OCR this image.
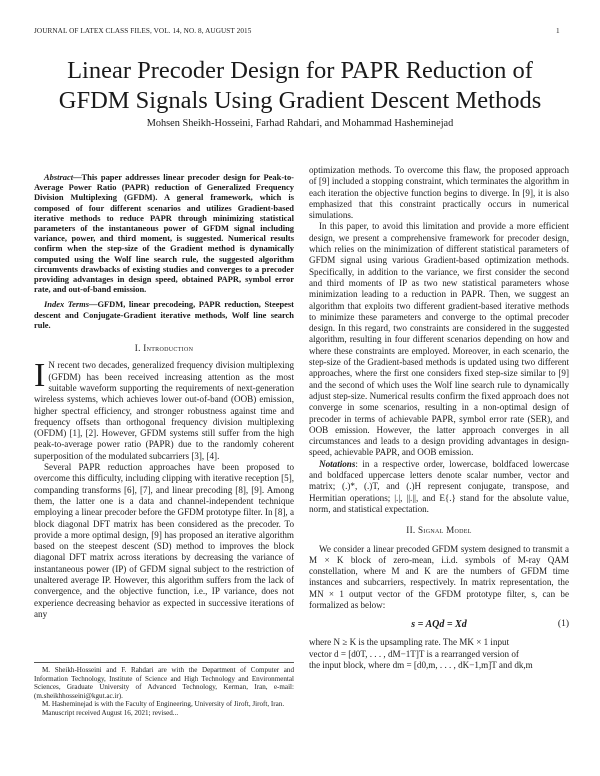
JOURNAL OF LATEX CLASS FILES, VOL. 14, NO. 8, AUGUST 2015	1
Linear Precoder Design for PAPR Reduction of GFDM Signals Using Gradient Descent Methods
Mohsen Sheikh-Hosseini, Farhad Rahdari, and Mohammad Hasheminejad
Abstract—This paper addresses linear precoder design for Peak-to-Average Power Ratio (PAPR) reduction of Generalized Frequency Division Multiplexing (GFDM). A general framework, which is composed of four different scenarios and utilizes Gradient-based iterative methods to reduce PAPR through minimizing statistical parameters of the instantaneous power of GFDM signal including variance, power, and third moment, is suggested. Numerical results confirm when the step-size of the Gradient method is dynamically computed using the Wolf line search rule, the suggested algorithm circumvents drawbacks of existing studies and converges to a precoder providing advantages in design speed, obtained PAPR, symbol error rate, and out-of-band emission.
Index Terms—GFDM, linear precodeing, PAPR reduction, Steepest descent and Conjugate-Gradient iterative methods, Wolf line search rule.
I. Introduction

I N recent two decades, generalized frequency division multiplexing (GFDM) has been received increasing attention as the most suitable waveform supporting the requirements of next-generation wireless systems, which achieves lower out-of-band (OOB) emission, higher spectral efficiency, and stronger robustness against time and frequency offsets than orthogonal frequency division multiplexing (OFDM) [1], [2]. However, GFDM systems still suffer from the high peak-to-average power ratio (PAPR) due to the randomly coherent superposition of the modulated subcarriers [3], [4].

Several PAPR reduction approaches have been proposed to overcome this difficulty, including clipping with iterative reception [5], companding transforms [6], [7], and linear precoding [8], [9]. Among them, the latter one is a data and channel-independent technique employing a linear precoder before the GFDM prototype filter. In [8], a block diagonal DFT matrix has been considered as the precoder. To provide a more optimal design, [9] has proposed an iterative algorithm based on the steepest descent (SD) method to improves the block diagonal DFT matrix across iterations by decreasing the variance of instantaneous power (IP) of GFDM signal subject to the restriction of unaltered average IP. However, this algorithm suffers from the lack of convergence, and the objective function, i.e., IP variance, does not experience decreasing behavior as expected in successive iterations of any

M. Sheikh-Hosseini and F. Rahdari are with the Department of Computer and Information Technology, Institute of Science and High Technology and Environmental Sciences, Graduate University of Advanced Technology, Kerman, Iran, e-mail: (m.sheikhhosseini@kgut.ac.ir).

M. Hasheminejad is with the Faculty of Engineering, University of Jiroft, Jiroft, Iran.

Manuscript received August 16, 2021; revised...

optimization methods. To overcome this flaw, the proposed approach of [9] included a stopping constraint, which terminates the algorithm in each iteration the objective function begins to diverge. In [9], it is also emphasized that this constraint practically occurs in numerical simulations.

In this paper, to avoid this limitation and provide a more efficient design, we present a comprehensive framework for precoder design, which relies on the minimization of different statistical parameters of GFDM signal using various Gradient-based optimization methods. Specifically, in addition to the variance, we first consider the second and third moments of IP as two new statistical parameters whose minimization leading to a reduction in PAPR. Then, we suggest an algorithm that exploits two different gradient-based iterative methods to minimize these parameters and converge to the optimal precoder design. In this regard, two constraints are considered in the suggested algorithm, resulting in four different scenarios depending on how and where these constraints are employed. Moreover, in each scenario, the step-size of the Gradient-based methods is updated using two different approaches, where the first one considers fixed step-size similar to [9] and the second of which uses the Wolf line search rule to dynamically adjust step-size. Numerical results confirm the fixed approach does not converge in some scenarios, resulting in a non-optimal design of precoder in terms of achievable PAPR, symbol error rate (SER), and OOB emission. However, the latter approach converges in all circumstances and leads to a design providing advantages in design-speed, achievable PAPR, and OOB emission.

Notations: in a respective order, lowercase, boldfaced lowercase and boldfaced uppercase letters denote scalar number, vector and matrix; (.)*, (.)T, and (.)H represent conjugate, transpose, and Hermitian operations; |.|, ||.||, and E{.} stand for the absolute value, norm, and statistical expectation.

II. Signal Model

We consider a linear precoded GFDM system designed to transmit a M × K block of zero-mean, i.i.d. symbols of M-ray QAM constellation, where M and K are the numbers of GFDM time instances and subcarriers, respectively. In matrix representation, the MN × 1 output vector of the GFDM prototype filter, s, can be formalized as below:

s = AQd = Xd	(1)

where N ≥ K is the upsampling rate. The MK × 1 input

vector d = [d0T, . . . , dM−1T]T is a rearranged version of

the input block, where dm = [d0,m, . . . , dK−1,m]T and dk,m
